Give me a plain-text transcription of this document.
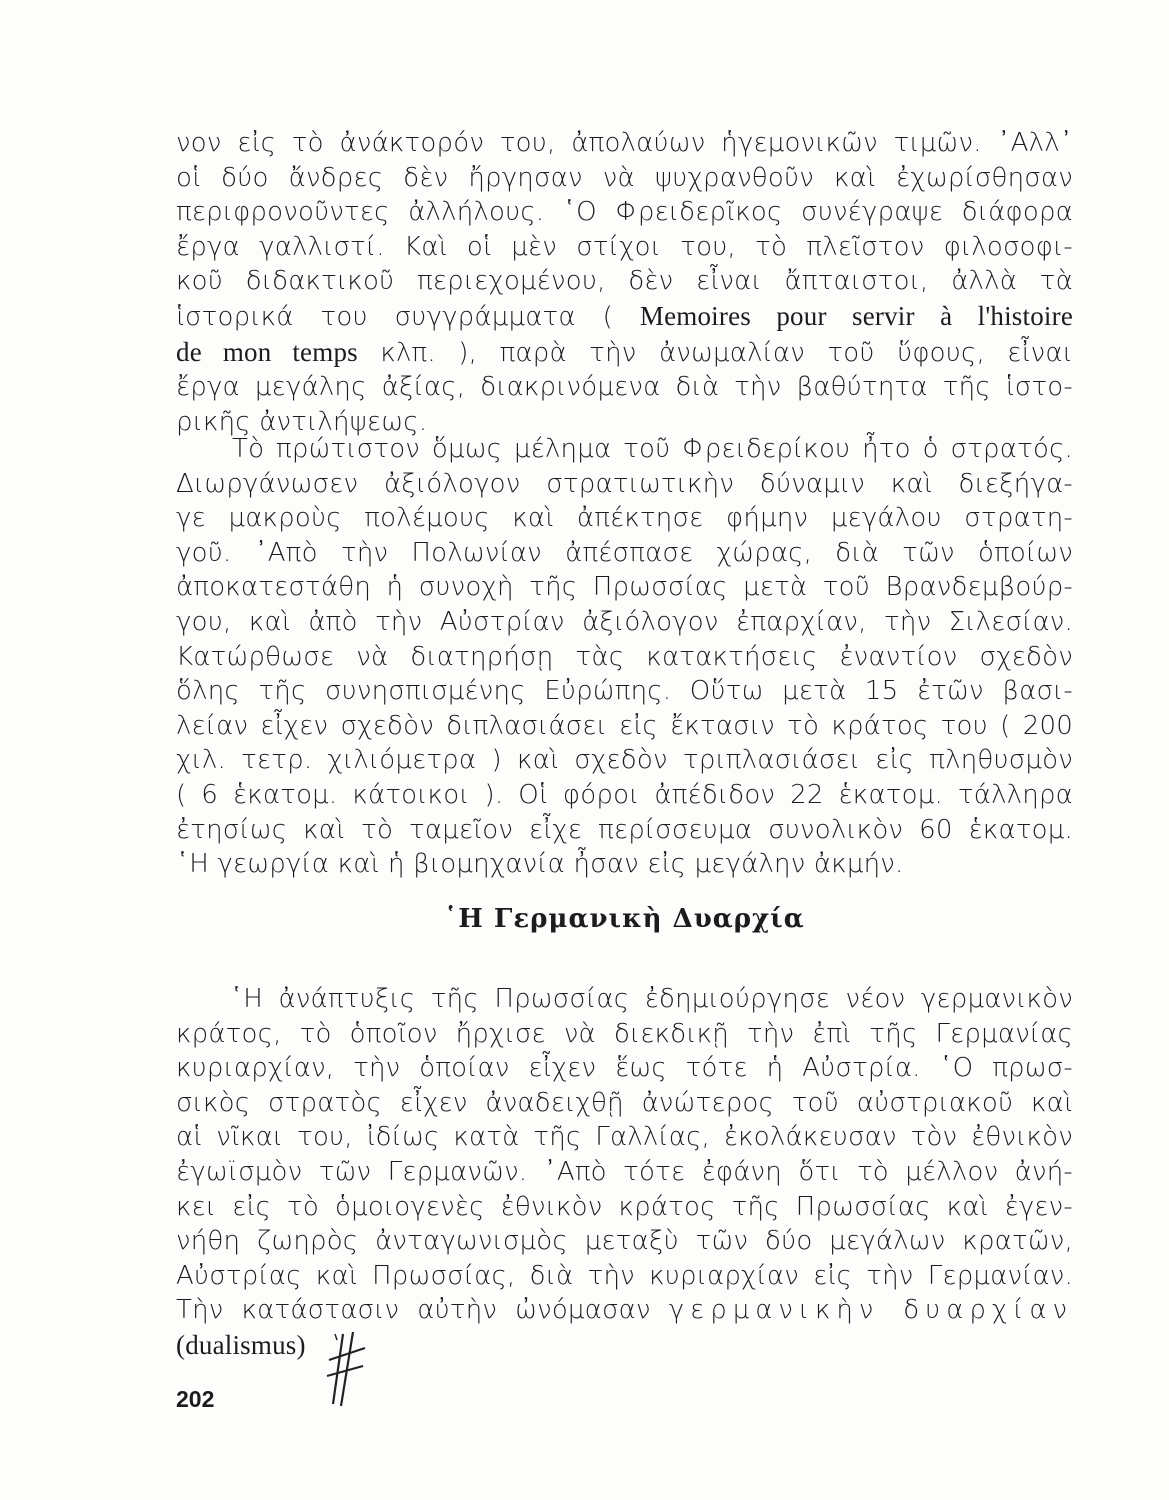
νον εἰς τὸ ἀνάκτορόν του, ἀπολαύων ἡγεμονικῶν τιμῶν. ᾿Αλλ᾿
οἱ δύο ἄνδρες δὲν ἤργησαν νὰ ψυχρανθοῦν καὶ ἐχωρίσθησαν
περιφρονοῦντες ἀλλήλους. ῾Ο Φρειδερῖκος συνέγραψε διάφορα
ἔργα γαλλιστί. Καὶ οἱ μὲν στίχοι του, τὸ πλεῖστον φιλοσοφι-
κοῦ διδακτικοῦ περιεχομένου, δὲν εἶναι ἄπταιστοι, ἀλλὰ τὰ
ἱστορικά του συγγράμματα ( Memoires pour servir à l'histoire
de mon temps κλπ. ), παρὰ τὴν ἀνωμαλίαν τοῦ ὕφους, εἶναι
ἔργα μεγάλης ἀξίας, διακρινόμενα διὰ τὴν βαθύτητα τῆς ἱστο-
ρικῆς ἀντιλήψεως.
Τὸ πρώτιστον ὅμως μέλημα τοῦ Φρειδερίκου ἦτο ὁ στρατός.
Διωργάνωσεν ἀξιόλογον στρατιωτικὴν δύναμιν καὶ διεξήγα-
γε μακροὺς πολέμους καὶ ἀπέκτησε φήμην μεγάλου στρατη-
γοῦ. ᾿Απὸ τὴν Πολωνίαν ἀπέσπασε χώρας, διὰ τῶν ὁποίων
ἀποκατεστάθη ἡ συνοχὴ τῆς Πρωσσίας μετὰ τοῦ Βρανδεμβούρ-
γου, καὶ ἀπὸ τὴν Αὐστρίαν ἀξιόλογον ἐπαρχίαν, τὴν Σιλεσίαν.
Κατώρθωσε νὰ διατηρήσῃ τὰς κατακτήσεις ἐναντίον σχεδὸν
ὅλης τῆς συνησπισμένης Εὐρώπης. Οὕτω μετὰ 15 ἐτῶν βασι-
λείαν εἶχεν σχεδὸν διπλασιάσει εἰς ἔκτασιν τὸ κράτος του ( 200
χιλ. τετρ. χιλιόμετρα ) καὶ σχεδὸν τριπλασιάσει εἰς πληθυσμὸν
( 6 ἑκατομ. κάτοικοι ). Οἱ φόροι ἀπέδιδον 22 ἑκατομ. τάλληρα
ἐτησίως καὶ τὸ ταμεῖον εἶχε περίσσευμα συνολικὸν 60 ἑκατομ.
῾Η γεωργία καὶ ἡ βιομηχανία ἦσαν εἰς μεγάλην ἀκμήν.
῾Η Γερμανικὴ Δυαρχία
῾Η ἀνάπτυξις τῆς Πρωσσίας ἐδημιούργησε νέον γερμανικὸν
κράτος, τὸ ὁποῖον ἤρχισε νὰ διεκδικῇ τὴν ἐπὶ τῆς Γερμανίας
κυριαρχίαν, τὴν ὁποίαν εἶχεν ἕως τότε ἡ Αὐστρία. ῾Ο πρωσ-
σικὸς στρατὸς εἶχεν ἀναδειχθῇ ἀνώτερος τοῦ αὐστριακοῦ καὶ
αἱ νῖκαι του, ἰδίως κατὰ τῆς Γαλλίας, ἐκολάκευσαν τὸν ἐθνικὸν
ἐγωϊσμὸν τῶν Γερμανῶν. ᾿Απὸ τότε ἐφάνη ὅτι τὸ μέλλον ἀνή-
κει εἰς τὸ ὁμοιογενὲς ἐθνικὸν κράτος τῆς Πρωσσίας καὶ ἐγεν-
νήθη ζωηρὸς ἀνταγωνισμὸς μεταξὺ τῶν δύο μεγάλων κρατῶν,
Αὐστρίας καὶ Πρωσσίας, διὰ τὴν κυριαρχίαν εἰς τὴν Γερμανίαν.
Τὴν κατάστασιν αὐτὴν ὠνόμασαν γερμανικὴν δυαρχίαν
(dualismus)
202
